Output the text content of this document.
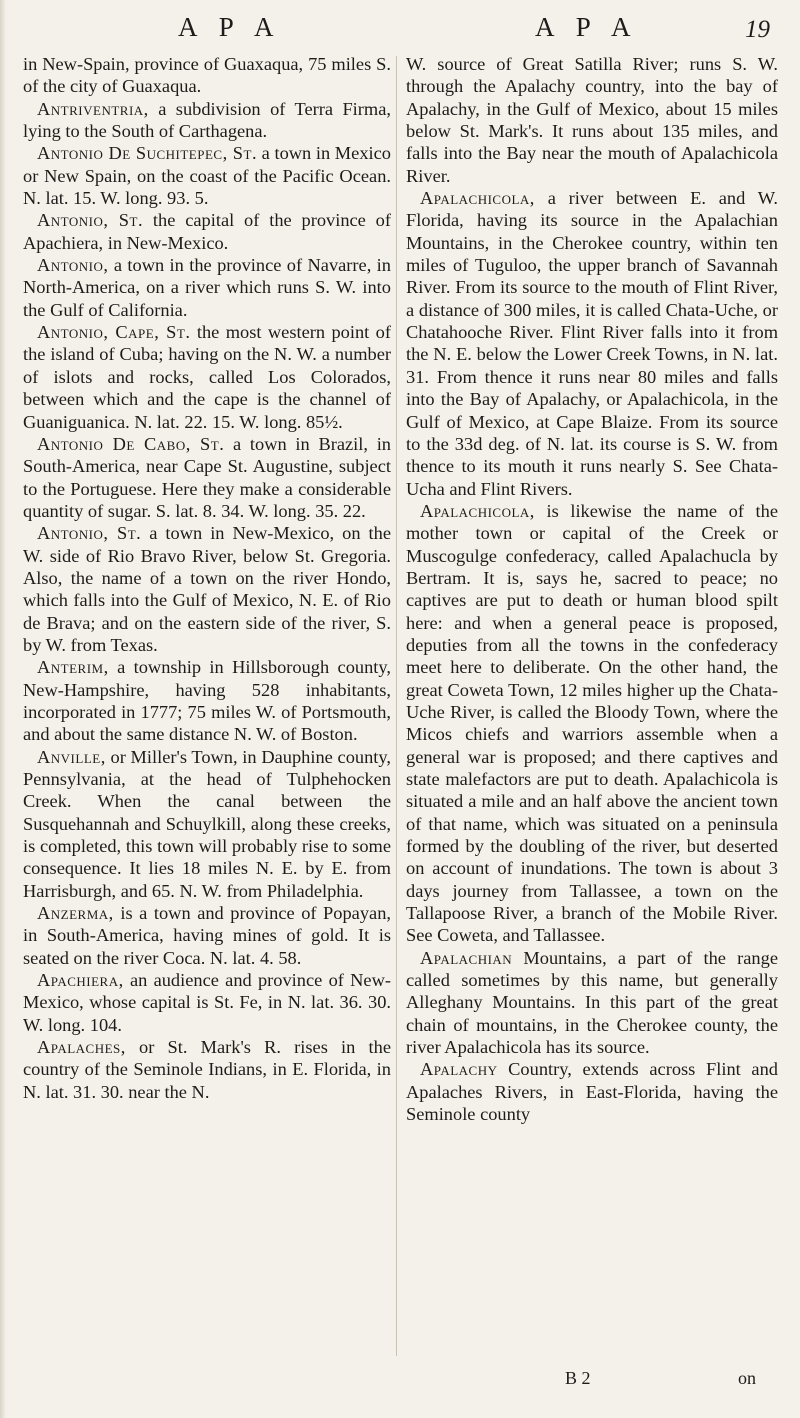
A P A	A P A	19

in New-Spain, province of Guaxaqua, 75 miles S. of the city of Guaxaqua.

Antriventria, a subdivision of Terra Firma, lying to the South of Carthagena.

Antonio De Suchitepec, St. a town in Mexico or New Spain, on the coast of the Pacific Ocean. N. lat. 15. W. long. 93. 5.

Antonio, St. the capital of the province of Apachiera, in New-Mexico.

Antonio, a town in the province of Navarre, in North-America, on a river which runs S. W. into the Gulf of California.

Antonio, Cape, St. the most western point of the island of Cuba; having on the N. W. a number of islots and rocks, called Los Colorados, between which and the cape is the channel of Guaniguanica. N. lat. 22. 15. W. long. 85½.

Antonio De Cabo, St. a town in Brazil, in South-America, near Cape St. Augustine, subject to the Portuguese. Here they make a considerable quantity of sugar. S. lat. 8. 34. W. long. 35. 22.

Antonio, St. a town in New-Mexico, on the W. side of Rio Bravo River, below St. Gregoria. Also, the name of a town on the river Hondo, which falls into the Gulf of Mexico, N. E. of Rio de Brava; and on the eastern side of the river, S. by W. from Texas.

Anterim, a township in Hillsborough county, New-Hampshire, having 528 inhabitants, incorporated in 1777; 75 miles W. of Portsmouth, and about the same distance N. W. of Boston.

Anville, or Miller's Town, in Dauphine county, Pennsylvania, at the head of Tulphehocken Creek. When the canal between the Susquehannah and Schuylkill, along these creeks, is completed, this town will probably rise to some consequence. It lies 18 miles N. E. by E. from Harrisburgh, and 65. N. W. from Philadelphia.

Anzerma, is a town and province of Popayan, in South-America, having mines of gold. It is seated on the river Coca. N. lat. 4. 58.

Apachiera, an audience and province of New-Mexico, whose capital is St. Fe, in N. lat. 36. 30. W. long. 104.

Apalaches, or St. Mark's R. rises in the country of the Seminole Indians, in E. Florida, in N. lat. 31. 30. near the N.

W. source of Great Satilla River; runs S. W. through the Apalachy country, into the bay of Apalachy, in the Gulf of Mexico, about 15 miles below St. Mark's. It runs about 135 miles, and falls into the Bay near the mouth of Apalachicola River.

Apalachicola, a river between E. and W. Florida, having its source in the Apalachian Mountains, in the Cherokee country, within ten miles of Tuguloo, the upper branch of Savannah River. From its source to the mouth of Flint River, a distance of 300 miles, it is called Chata-Uche, or Chatahooche River. Flint River falls into it from the N. E. below the Lower Creek Towns, in N. lat. 31. From thence it runs near 80 miles and falls into the Bay of Apalachy, or Apalachicola, in the Gulf of Mexico, at Cape Blaize. From its source to the 33d deg. of N. lat. its course is S. W. from thence to its mouth it runs nearly S. See Chata-Ucha and Flint Rivers.

Apalachicola, is likewise the name of the mother town or capital of the Creek or Muscogulge confederacy, called Apalachucla by Bertram. It is, says he, sacred to peace; no captives are put to death or human blood spilt here: and when a general peace is proposed, deputies from all the towns in the confederacy meet here to deliberate. On the other hand, the great Coweta Town, 12 miles higher up the Chata-Uche River, is called the Bloody Town, where the Micos chiefs and warriors assemble when a general war is proposed; and there captives and state malefactors are put to death. Apalachicola is situated a mile and an half above the ancient town of that name, which was situated on a peninsula formed by the doubling of the river, but deserted on account of inundations. The town is about 3 days journey from Tallassee, a town on the Tallapoose River, a branch of the Mobile River. See Coweta, and Tallassee.

Apalachian Mountains, a part of the range called sometimes by this name, but generally Alleghany Mountains. In this part of the great chain of mountains, in the Cherokee county, the river Apalachicola has its source.

Apalachy Country, extends across Flint and Apalaches Rivers, in East-Florida, having the Seminole county

B 2	on
